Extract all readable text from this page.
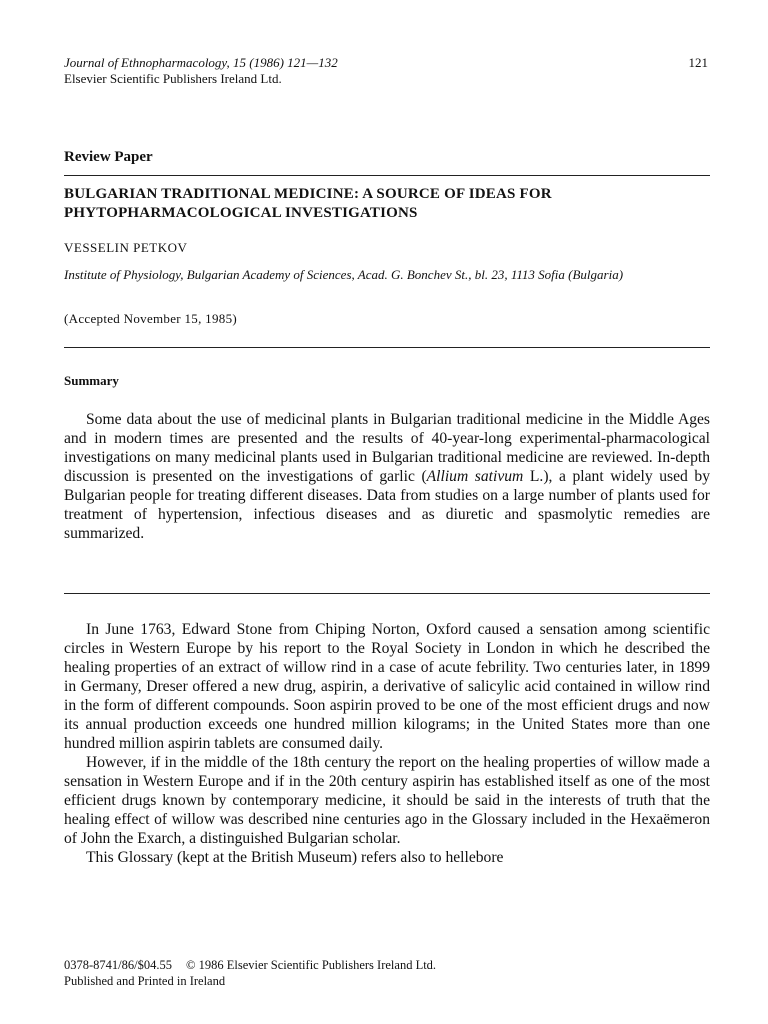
Journal of Ethnopharmacology, 15 (1986) 121—132
Elsevier Scientific Publishers Ireland Ltd.
121
Review Paper
BULGARIAN TRADITIONAL MEDICINE: A SOURCE OF IDEAS FOR PHYTOPHARMACOLOGICAL INVESTIGATIONS
VESSELIN PETKOV
Institute of Physiology, Bulgarian Academy of Sciences, Acad. G. Bonchev St., bl. 23, 1113 Sofia (Bulgaria)
(Accepted November 15, 1985)
Summary

Some data about the use of medicinal plants in Bulgarian traditional medicine in the Middle Ages and in modern times are presented and the results of 40-year-long experimental-pharmacological investigations on many medicinal plants used in Bulgarian traditional medicine are reviewed. In-depth discussion is presented on the investigations of garlic (Allium sativum L.), a plant widely used by Bulgarian people for treating different diseases. Data from studies on a large number of plants used for treatment of hypertension, infectious diseases and as diuretic and spasmolytic remedies are summarized.

In June 1763, Edward Stone from Chiping Norton, Oxford caused a sensation among scientific circles in Western Europe by his report to the Royal Society in London in which he described the healing properties of an extract of willow rind in a case of acute febrility. Two centuries later, in 1899 in Germany, Dreser offered a new drug, aspirin, a derivative of salicylic acid contained in willow rind in the form of different compounds. Soon aspirin proved to be one of the most efficient drugs and now its annual production exceeds one hundred million kilograms; in the United States more than one hundred million aspirin tablets are consumed daily.

However, if in the middle of the 18th century the report on the healing properties of willow made a sensation in Western Europe and if in the 20th century aspirin has established itself as one of the most efficient drugs known by contemporary medicine, it should be said in the interests of truth that the healing effect of willow was described nine centuries ago in the Glossary included in the Hexaëmeron of John the Exarch, a distinguished Bulgarian scholar.

This Glossary (kept at the British Museum) refers also to hellebore

0378-8741/86/$04.55 © 1986 Elsevier Scientific Publishers Ireland Ltd.
Published and Printed in Ireland
